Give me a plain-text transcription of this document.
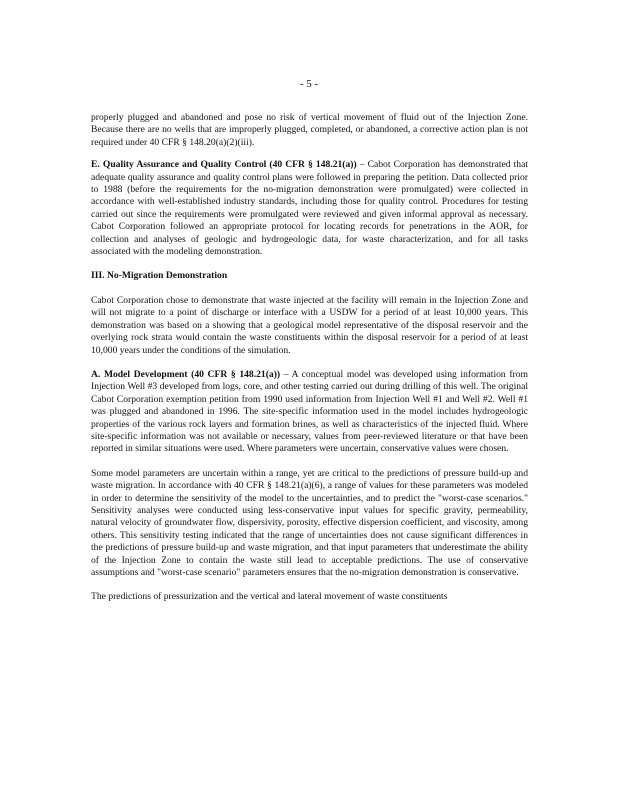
- 5 -

properly plugged and abandoned and pose no risk of vertical movement of fluid out of the Injection Zone. Because there are no wells that are improperly plugged, completed, or abandoned, a corrective action plan is not required under 40 CFR § 148.20(a)(2)(iii).

E. Quality Assurance and Quality Control (40 CFR § 148.21(a)) – Cabot Corporation has demonstrated that adequate quality assurance and quality control plans were followed in preparing the petition. Data collected prior to 1988 (before the requirements for the no-migration demonstration were promulgated) were collected in accordance with well-established industry standards, including those for quality control. Procedures for testing carried out since the requirements were promulgated were reviewed and given informal approval as necessary. Cabot Corporation followed an appropriate protocol for locating records for penetrations in the AOR, for collection and analyses of geologic and hydrogeologic data, for waste characterization, and for all tasks associated with the modeling demonstration.

III. No-Migration Demonstration

Cabot Corporation chose to demonstrate that waste injected at the facility will remain in the Injection Zone and will not migrate to a point of discharge or interface with a USDW for a period of at least 10,000 years. This demonstration was based on a showing that a geological model representative of the disposal reservoir and the overlying rock strata would contain the waste constituents within the disposal reservoir for a period of at least 10,000 years under the conditions of the simulation.

A. Model Development (40 CFR § 148.21(a)) – A conceptual model was developed using information from Injection Well #3 developed from logs, core, and other testing carried out during drilling of this well. The original Cabot Corporation exemption petition from 1990 used information from Injection Well #1 and Well #2. Well #1 was plugged and abandoned in 1996. The site-specific information used in the model includes hydrogeologic properties of the various rock layers and formation brines, as well as characteristics of the injected fluid. Where site-specific information was not available or necessary, values from peer-reviewed literature or that have been reported in similar situations were used. Where parameters were uncertain, conservative values were chosen.

Some model parameters are uncertain within a range, yet are critical to the predictions of pressure build-up and waste migration. In accordance with 40 CFR § 148.21(a)(6), a range of values for these parameters was modeled in order to determine the sensitivity of the model to the uncertainties, and to predict the "worst-case scenarios." Sensitivity analyses were conducted using less-conservative input values for specific gravity, permeability, natural velocity of groundwater flow, dispersivity, porosity, effective dispersion coefficient, and viscosity, among others. This sensitivity testing indicated that the range of uncertainties does not cause significant differences in the predictions of pressure build-up and waste migration, and that input parameters that underestimate the ability of the Injection Zone to contain the waste still lead to acceptable predictions. The use of conservative assumptions and "worst-case scenario" parameters ensures that the no-migration demonstration is conservative.

The predictions of pressurization and the vertical and lateral movement of waste constituents
